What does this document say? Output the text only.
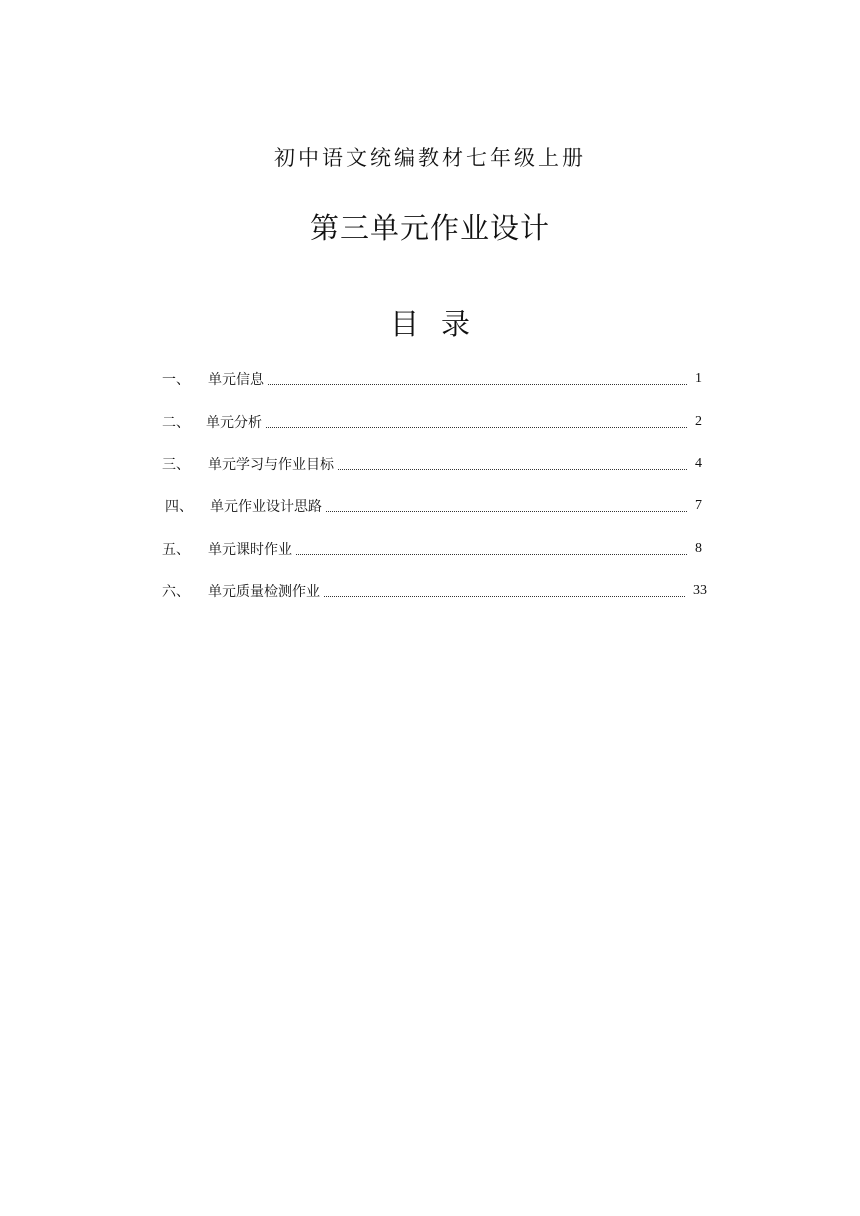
初中语文统编教材七年级上册
第三单元作业设计
目 录
一、	单元信息	1
二、	单元分析	2
三、	单元学习与作业目标	4
四、	单元作业设计思路	7
五、	单元课时作业	8
六、	单元质量检测作业	33
